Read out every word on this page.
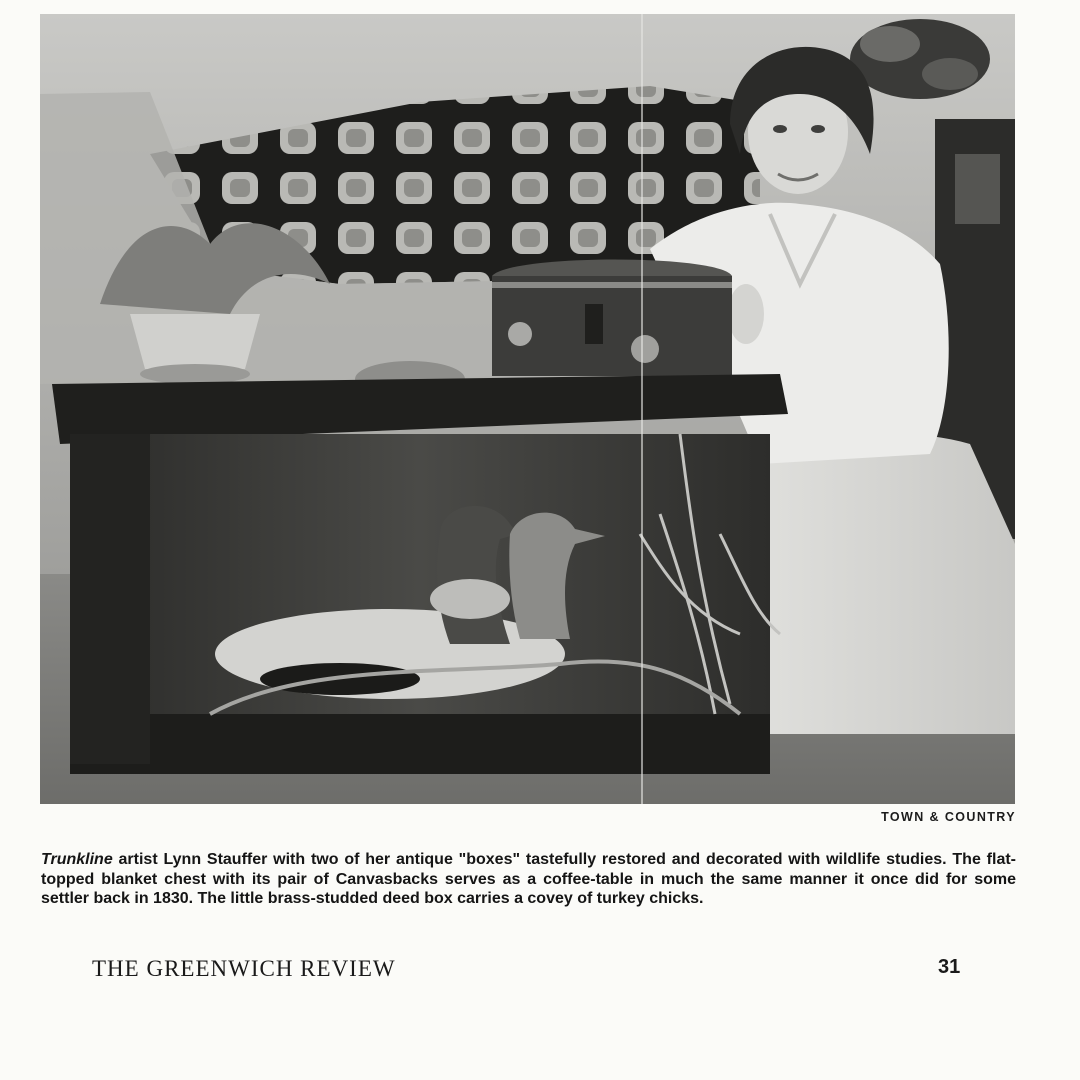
TOWN & COUNTRY

Trunkline artist Lynn Stauffer with two of her antique "boxes" tastefully restored and decorated with wildlife studies. The flat-topped blanket chest with its pair of Canvasbacks serves as a coffee-table in much the same manner it once did for some settler back in 1830. The little brass-studded deed box carries a covey of turkey chicks.

THE GREENWICH REVIEW	31
